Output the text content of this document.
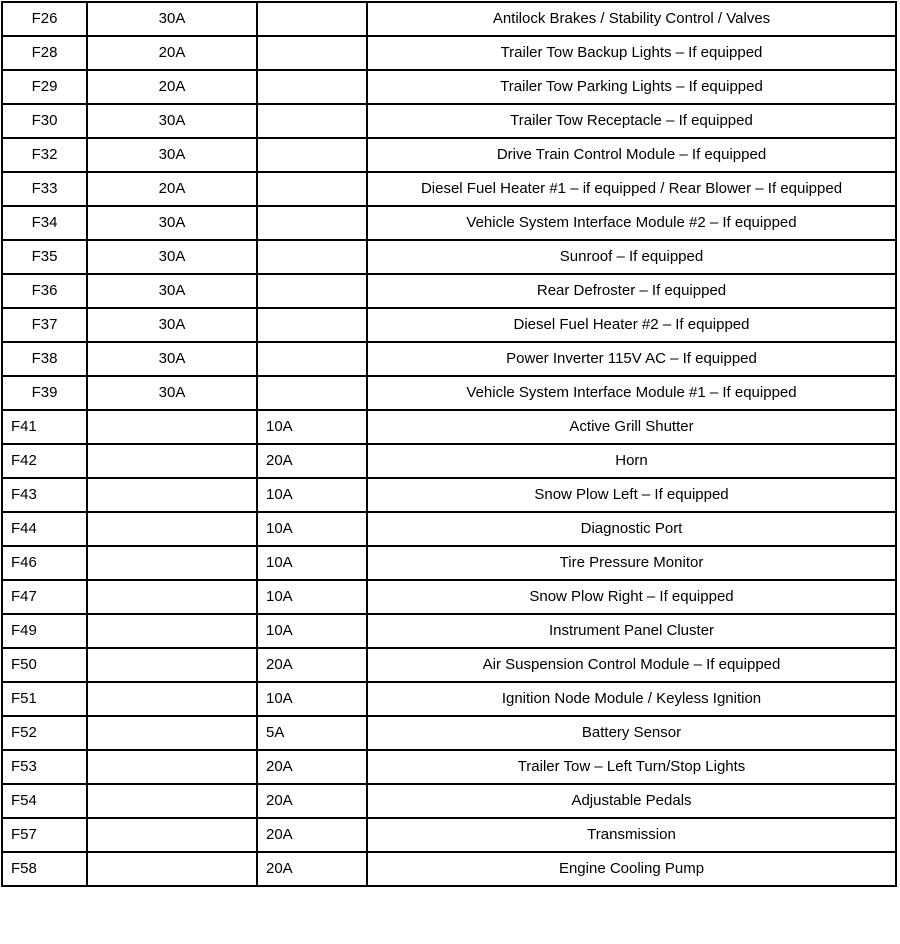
F26	30A		Antilock Brakes / Stability Control / Valves
F28	20A		Trailer Tow Backup Lights – If equipped
F29	20A		Trailer Tow Parking Lights – If equipped
F30	30A		Trailer Tow Receptacle – If equipped
F32	30A		Drive Train Control Module – If equipped
F33	20A		Diesel Fuel Heater #1 – if equipped / Rear Blower – If equipped
F34	30A		Vehicle System Interface Module #2 – If equipped
F35	30A		Sunroof – If equipped
F36	30A		Rear Defroster – If equipped
F37	30A		Diesel Fuel Heater #2 – If equipped
F38	30A		Power Inverter 115V AC – If equipped
F39	30A		Vehicle System Interface Module #1 – If equipped
F41		10A	Active Grill Shutter
F42		20A	Horn
F43		10A	Snow Plow Left – If equipped
F44		10A	Diagnostic Port
F46		10A	Tire Pressure Monitor
F47		10A	Snow Plow Right – If equipped
F49		10A	Instrument Panel Cluster
F50		20A	Air Suspension Control Module – If equipped
F51		10A	Ignition Node Module / Keyless Ignition
F52		5A	Battery Sensor
F53		20A	Trailer Tow – Left Turn/Stop Lights
F54		20A	Adjustable Pedals
F57		20A	Transmission
F58		20A	Engine Cooling Pump
